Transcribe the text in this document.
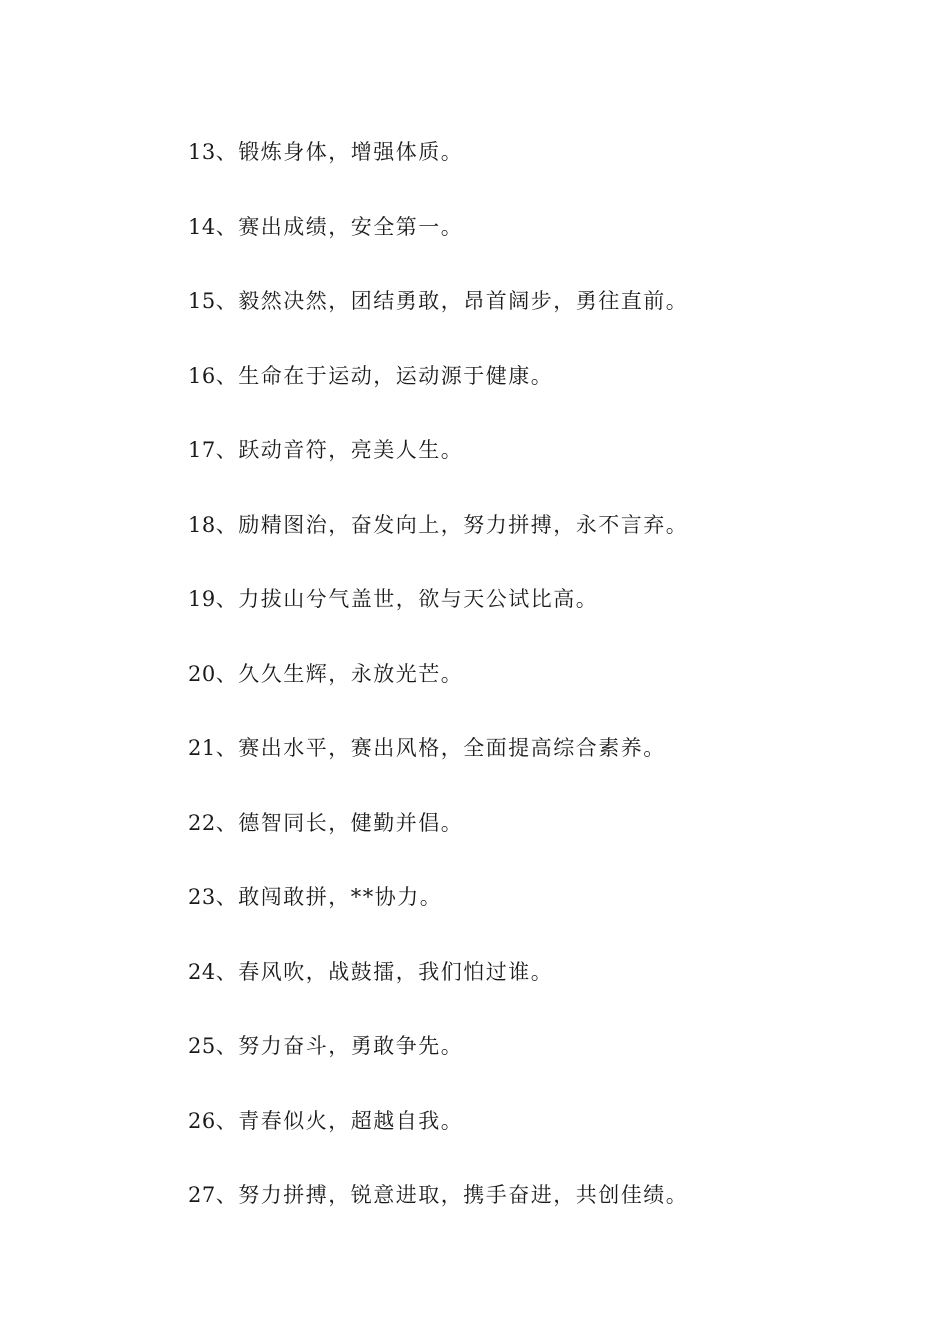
13、锻炼身体，增强体质。
14、赛出成绩，安全第一。
15、毅然决然，团结勇敢，昂首阔步，勇往直前。
16、生命在于运动，运动源于健康。
17、跃动音符，亮美人生。
18、励精图治，奋发向上，努力拼搏，永不言弃。
19、力拔山兮气盖世，欲与天公试比高。
20、久久生辉，永放光芒。
21、赛出水平，赛出风格，全面提高综合素养。
22、德智同长，健勤并倡。
23、敢闯敢拼，**协力。
24、春风吹，战鼓擂，我们怕过谁。
25、努力奋斗，勇敢争先。
26、青春似火，超越自我。
27、努力拼搏，锐意进取，携手奋进，共创佳绩。
